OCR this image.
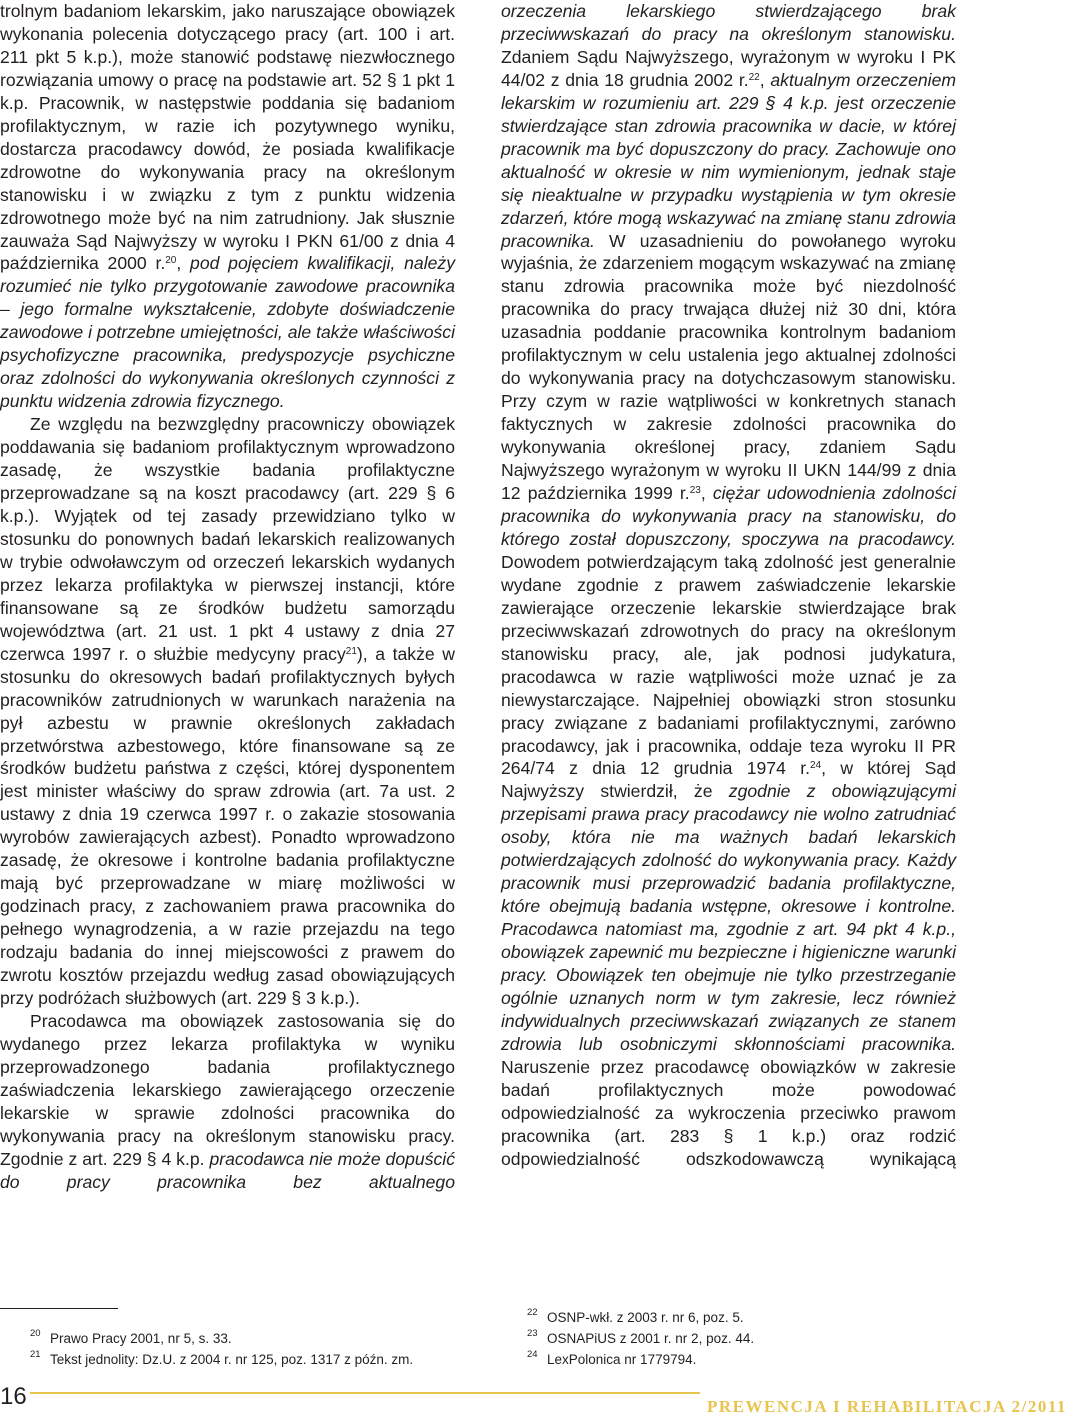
trolnym badaniom lekarskim, jako naruszające obowiązek wykonania polecenia dotyczącego pracy (art. 100 i art. 211 pkt 5 k.p.), może stanowić podstawę niezwłocznego rozwiązania umowy o pracę na podstawie art. 52 § 1 pkt 1 k.p. Pracownik, w następstwie poddania się badaniom profilaktycznym, w razie ich pozytywnego wyniku, dostarcza pracodawcy dowód, że posiada kwalifikacje zdrowotne do wykonywania pracy na określonym stanowisku i w związku z tym z punktu widzenia zdrowotnego może być na nim zatrudniony. Jak słusznie zauważa Sąd Najwyższy w wyroku I PKN 61/00 z dnia 4 października 2000 r.$^{20}$, pod pojęciem kwalifikacji, należy rozumieć nie tylko przygotowanie zawodowe pracownika – jego formalne wykształcenie, zdobyte doświadczenie zawodowe i potrzebne umiejętności, ale także właściwości psychofizyczne pracownika, predyspozycje psychiczne oraz zdolności do wykonywania określonych czynności z punktu widzenia zdrowia fizycznego.

Ze względu na bezwzględny pracowniczy obowiązek poddawania się badaniom profilaktycznym wprowadzono zasadę, że wszystkie badania profilaktyczne przeprowadzane są na koszt pracodawcy (art. 229 § 6 k.p.). Wyjątek od tej zasady przewidziano tylko w stosunku do ponownych badań lekarskich realizowanych w trybie odwoławczym od orzeczeń lekarskich wydanych przez lekarza profilaktyka w pierwszej instancji, które finansowane są ze środków budżetu samorządu województwa (art. 21 ust. 1 pkt 4 ustawy z dnia 27 czerwca 1997 r. o służbie medycyny pracy$^{21}$), a także w stosunku do okresowych badań profilaktycznych byłych pracowników zatrudnionych w warunkach narażenia na pył azbestu w prawnie określonych zakładach przetwórstwa azbestowego, które finansowane są ze środków budżetu państwa z części, której dysponentem jest minister właściwy do spraw zdrowia (art. 7a ust. 2 ustawy z dnia 19 czerwca 1997 r. o zakazie stosowania wyrobów zawierających azbest). Ponadto wprowadzono zasadę, że okresowe i kontrolne badania profilaktyczne mają być przeprowadzane w miarę możliwości w godzinach pracy, z zachowaniem prawa pracownika do pełnego wynagrodzenia, a w razie przejazdu na tego rodzaju badania do innej miejscowości z prawem do zwrotu kosztów przejazdu według zasad obowiązujących przy podróżach służbowych (art. 229 § 3 k.p.).

Pracodawca ma obowiązek zastosowania się do wydanego przez lekarza profilaktyka w wyniku przeprowadzonego badania profilaktycznego zaświadczenia lekarskiego zawierającego orzeczenie lekarskie w sprawie zdolności pracownika do wykonywania pracy na określonym stanowisku pracy. Zgodnie z art. 229 § 4 k.p. pracodawca nie może dopuścić do pracy pracownika bez aktualnego

orzeczenia lekarskiego stwierdzającego brak przeciwwskazań do pracy na określonym stanowisku. Zdaniem Sądu Najwyższego, wyrażonym w wyroku I PK 44/02 z dnia 18 grudnia 2002 r.$^{22}$, aktualnym orzeczeniem lekarskim w rozumieniu art. 229 § 4 k.p. jest orzeczenie stwierdzające stan zdrowia pracownika w dacie, w której pracownik ma być dopuszczony do pracy. Zachowuje ono aktualność w okresie w nim wymienionym, jednak staje się nieaktualne w przypadku wystąpienia w tym okresie zdarzeń, które mogą wskazywać na zmianę stanu zdrowia pracownika. W uzasadnieniu do powołanego wyroku wyjaśnia, że zdarzeniem mogącym wskazywać na zmianę stanu zdrowia pracownika może być niezdolność pracownika do pracy trwająca dłużej niż 30 dni, która uzasadnia poddanie pracownika kontrolnym badaniom profilaktycznym w celu ustalenia jego aktualnej zdolności do wykonywania pracy na dotychczasowym stanowisku. Przy czym w razie wątpliwości w konkretnych stanach faktycznych w zakresie zdolności pracownika do wykonywania określonej pracy, zdaniem Sądu Najwyższego wyrażonym w wyroku II UKN 144/99 z dnia 12 października 1999 r.$^{23}$, ciężar udowodnienia zdolności pracownika do wykonywania pracy na stanowisku, do którego został dopuszczony, spoczywa na pracodawcy. Dowodem potwierdzającym taką zdolność jest generalnie wydane zgodnie z prawem zaświadczenie lekarskie zawierające orzeczenie lekarskie stwierdzające brak przeciwwskazań zdrowotnych do pracy na określonym stanowisku pracy, ale, jak podnosi judykatura, pracodawca w razie wątpliwości może uznać je za niewystarczające. Najpełniej obowiązki stron stosunku pracy związane z badaniami profilaktycznymi, zarówno pracodawcy, jak i pracownika, oddaje teza wyroku II PR 264/74 z dnia 12 grudnia 1974 r.$^{24}$, w której Sąd Najwyższy stwierdził, że zgodnie z obowiązującymi przepisami prawa pracy pracodawcy nie wolno zatrudniać osoby, która nie ma ważnych badań lekarskich potwierdzających zdolność do wykonywania pracy. Każdy pracownik musi przeprowadzić badania profilaktyczne, które obejmują badania wstępne, okresowe i kontrolne. Pracodawca natomiast ma, zgodnie z art. 94 pkt 4 k.p., obowiązek zapewnić mu bezpieczne i higieniczne warunki pracy. Obowiązek ten obejmuje nie tylko przestrzeganie ogólnie uznanych norm w tym zakresie, lecz również indywidualnych przeciwwskazań związanych ze stanem zdrowia lub osobniczymi skłonnościami pracownika. Naruszenie przez pracodawcę obowiązków w zakresie badań profilaktycznych może powodować odpowiedzialność za wykroczenia przeciwko prawom pracownika (art. 283 § 1 k.p.) oraz rodzić odpowiedzialność odszkodowawczą wynikającą

20 Prawo Pracy 2001, nr 5, s. 33.
21 Tekst jednolity: Dz.U. z 2004 r. nr 125, poz. 1317 z późn. zm.
22 OSNP-wkł. z 2003 r. nr 6, poz. 5.
23 OSNAPiUS z 2001 r. nr 2, poz. 44.
24 LexPolonica nr 1779794.
16	PREWENCJA I REHABILITACJA 2/2011
